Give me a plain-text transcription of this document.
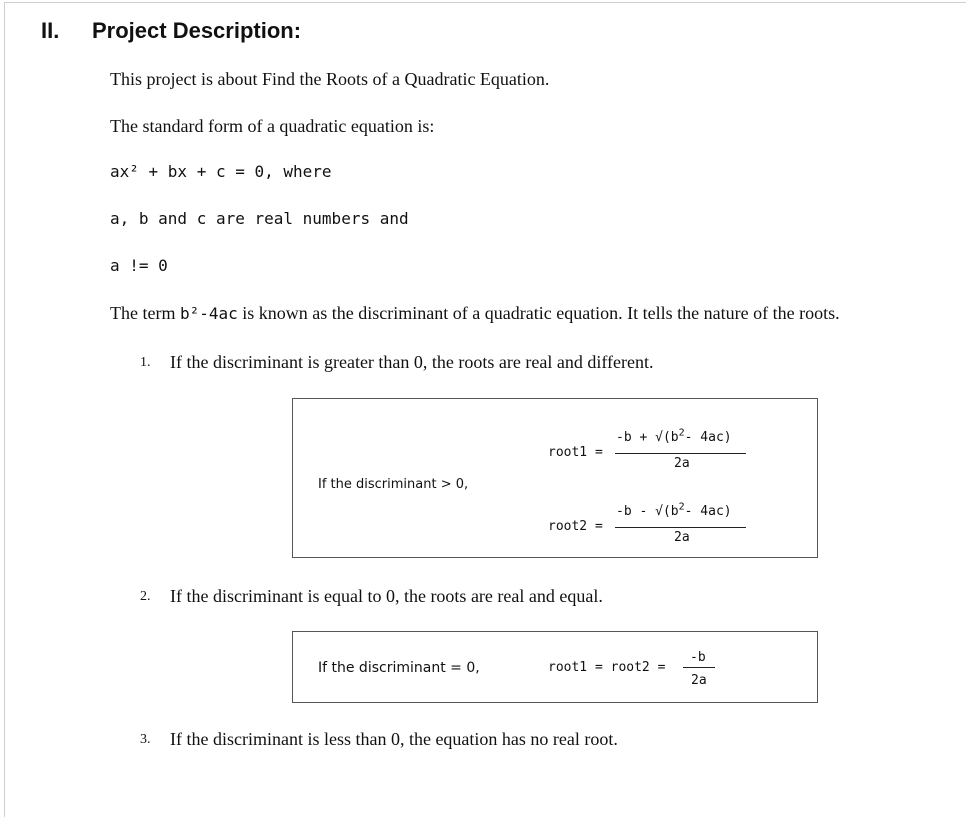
II. Project Description:
This project is about Find the Roots of a Quadratic Equation.
The standard form of a quadratic equation is:
ax² + bx + c = 0, where
a, b and c are real numbers and
a != 0
The term b²-4ac is known as the discriminant of a quadratic equation. It tells the nature of the roots.
1. If the discriminant is greater than 0, the roots are real and different.
If the discriminant > 0,
root1 =
$-b + √(b^2-$ 4ac)
2a
root2 =
$-b - √(b^2-$ 4ac)
2a
2. If the discriminant is equal to 0, the roots are real and equal.
If the discriminant = 0,	root1 = root2 =
-b
2a
3. If the discriminant is less than 0, the equation has no real root.
